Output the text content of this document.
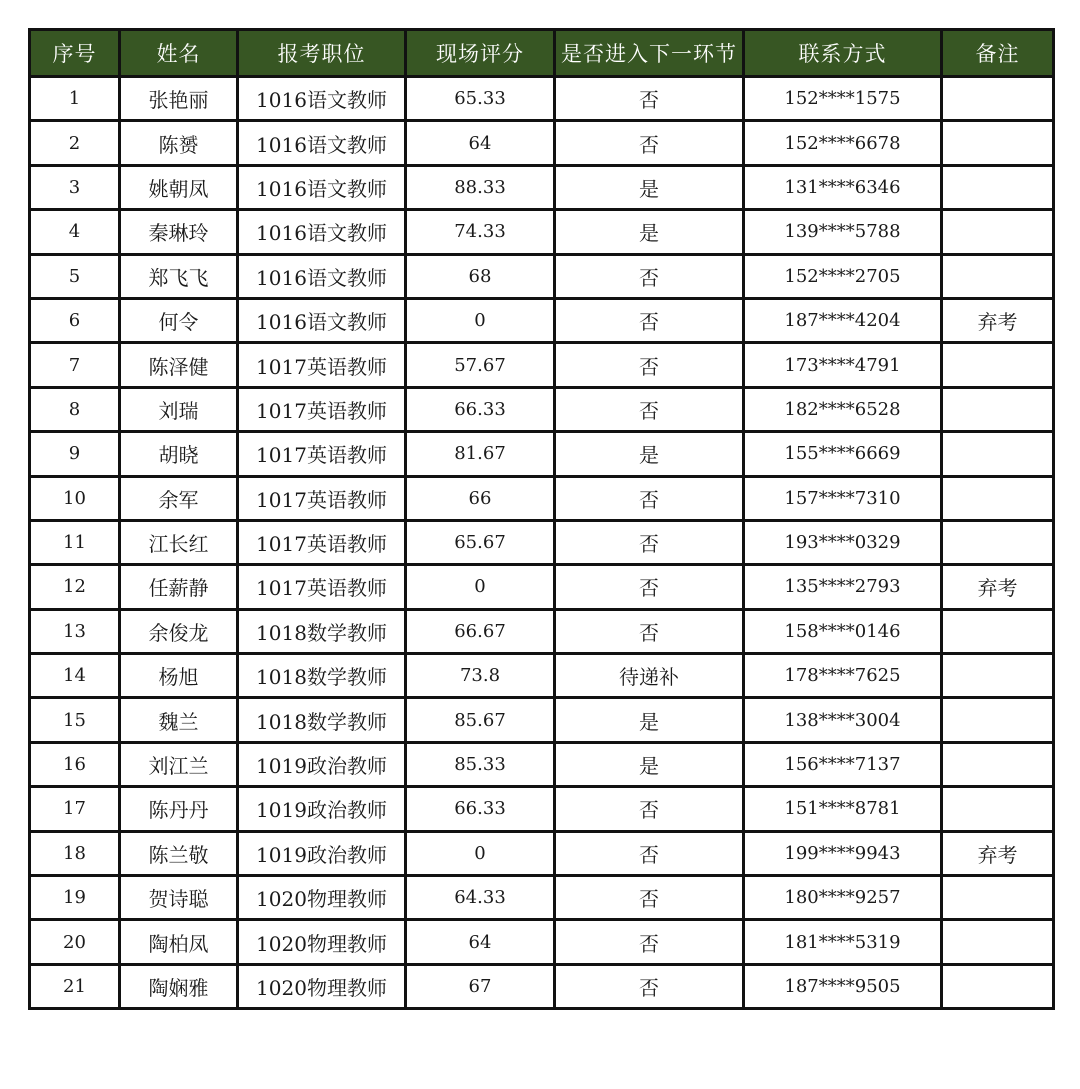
序号	姓名	报考职位	现场评分	是否进入下一环节	联系方式	备注
1	张艳丽	1016语文教师	65.33	否	152****1575	
2	陈赟	1016语文教师	64	否	152****6678	
3	姚朝凤	1016语文教师	88.33	是	131****6346	
4	秦琳玲	1016语文教师	74.33	是	139****5788	
5	郑飞飞	1016语文教师	68	否	152****2705	
6	何令	1016语文教师	0	否	187****4204	弃考
7	陈泽健	1017英语教师	57.67	否	173****4791	
8	刘瑞	1017英语教师	66.33	否	182****6528	
9	胡晓	1017英语教师	81.67	是	155****6669	
10	余军	1017英语教师	66	否	157****7310	
11	江长红	1017英语教师	65.67	否	193****0329	
12	任薪静	1017英语教师	0	否	135****2793	弃考
13	余俊龙	1018数学教师	66.67	否	158****0146	
14	杨旭	1018数学教师	73.8	待递补	178****7625	
15	魏兰	1018数学教师	85.67	是	138****3004	
16	刘江兰	1019政治教师	85.33	是	156****7137	
17	陈丹丹	1019政治教师	66.33	否	151****8781	
18	陈兰敬	1019政治教师	0	否	199****9943	弃考
19	贺诗聪	1020物理教师	64.33	否	180****9257	
20	陶柏凤	1020物理教师	64	否	181****5319	
21	陶娴雅	1020物理教师	67	否	187****9505	
